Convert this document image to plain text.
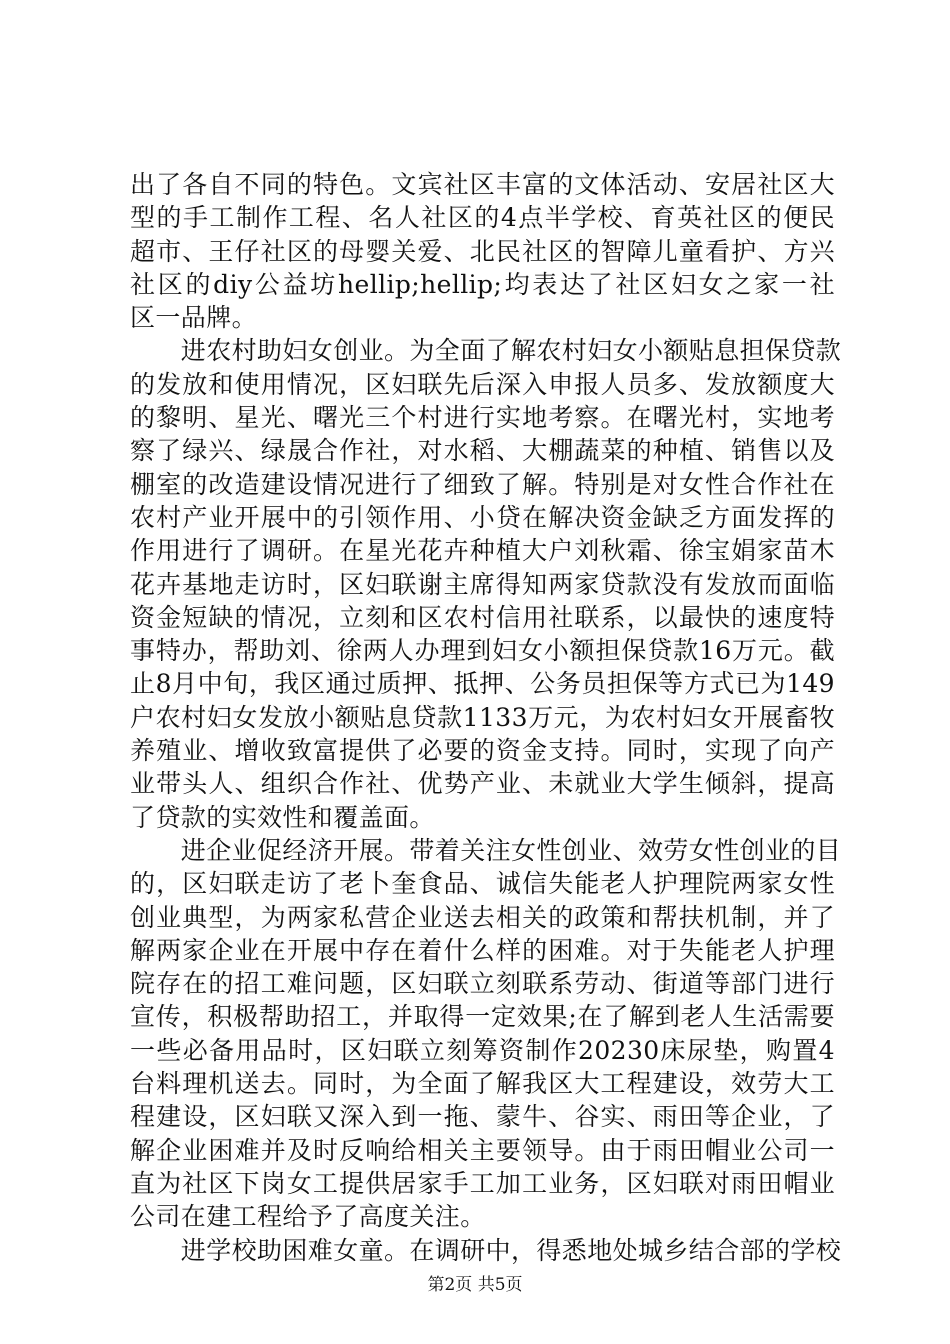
出了各自不同的特色。文宾社区丰富的文体活动、安居社区大
型的手工制作工程、名人社区的4点半学校、育英社区的便民
超市、王仔社区的母婴关爱、北民社区的智障儿童看护、方兴
社区的diy公益坊hellip;hellip;均表达了社区妇女之家一社
区一品牌。
　　进农村助妇女创业。为全面了解农村妇女小额贴息担保贷款
的发放和使用情况，区妇联先后深入申报人员多、发放额度大
的黎明、星光、曙光三个村进行实地考察。在曙光村，实地考
察了绿兴、绿晟合作社，对水稻、大棚蔬菜的种植、销售以及
棚室的改造建设情况进行了细致了解。特别是对女性合作社在
农村产业开展中的引领作用、小贷在解决资金缺乏方面发挥的
作用进行了调研。在星光花卉种植大户刘秋霜、徐宝娟家苗木
花卉基地走访时，区妇联谢主席得知两家贷款没有发放而面临
资金短缺的情况，立刻和区农村信用社联系，以最快的速度特
事特办，帮助刘、徐两人办理到妇女小额担保贷款16万元。截
止8月中旬，我区通过质押、抵押、公务员担保等方式已为149
户农村妇女发放小额贴息贷款1133万元，为农村妇女开展畜牧
养殖业、增收致富提供了必要的资金支持。同时，实现了向产
业带头人、组织合作社、优势产业、未就业大学生倾斜，提高
了贷款的实效性和覆盖面。
　　进企业促经济开展。带着关注女性创业、效劳女性创业的目
的，区妇联走访了老卜奎食品、诚信失能老人护理院两家女性
创业典型，为两家私营企业送去相关的政策和帮扶机制，并了
解两家企业在开展中存在着什么样的困难。对于失能老人护理
院存在的招工难问题，区妇联立刻联系劳动、街道等部门进行
宣传，积极帮助招工，并取得一定效果;在了解到老人生活需要
一些必备用品时，区妇联立刻筹资制作20230床尿垫，购置4
台料理机送去。同时，为全面了解我区大工程建设，效劳大工
程建设，区妇联又深入到一拖、蒙牛、谷实、雨田等企业，了
解企业困难并及时反响给相关主要领导。由于雨田帽业公司一
直为社区下岗女工提供居家手工加工业务，区妇联对雨田帽业
公司在建工程给予了高度关注。
　　进学校助困难女童。在调研中，得悉地处城乡结合部的学校
第2页 共5页
